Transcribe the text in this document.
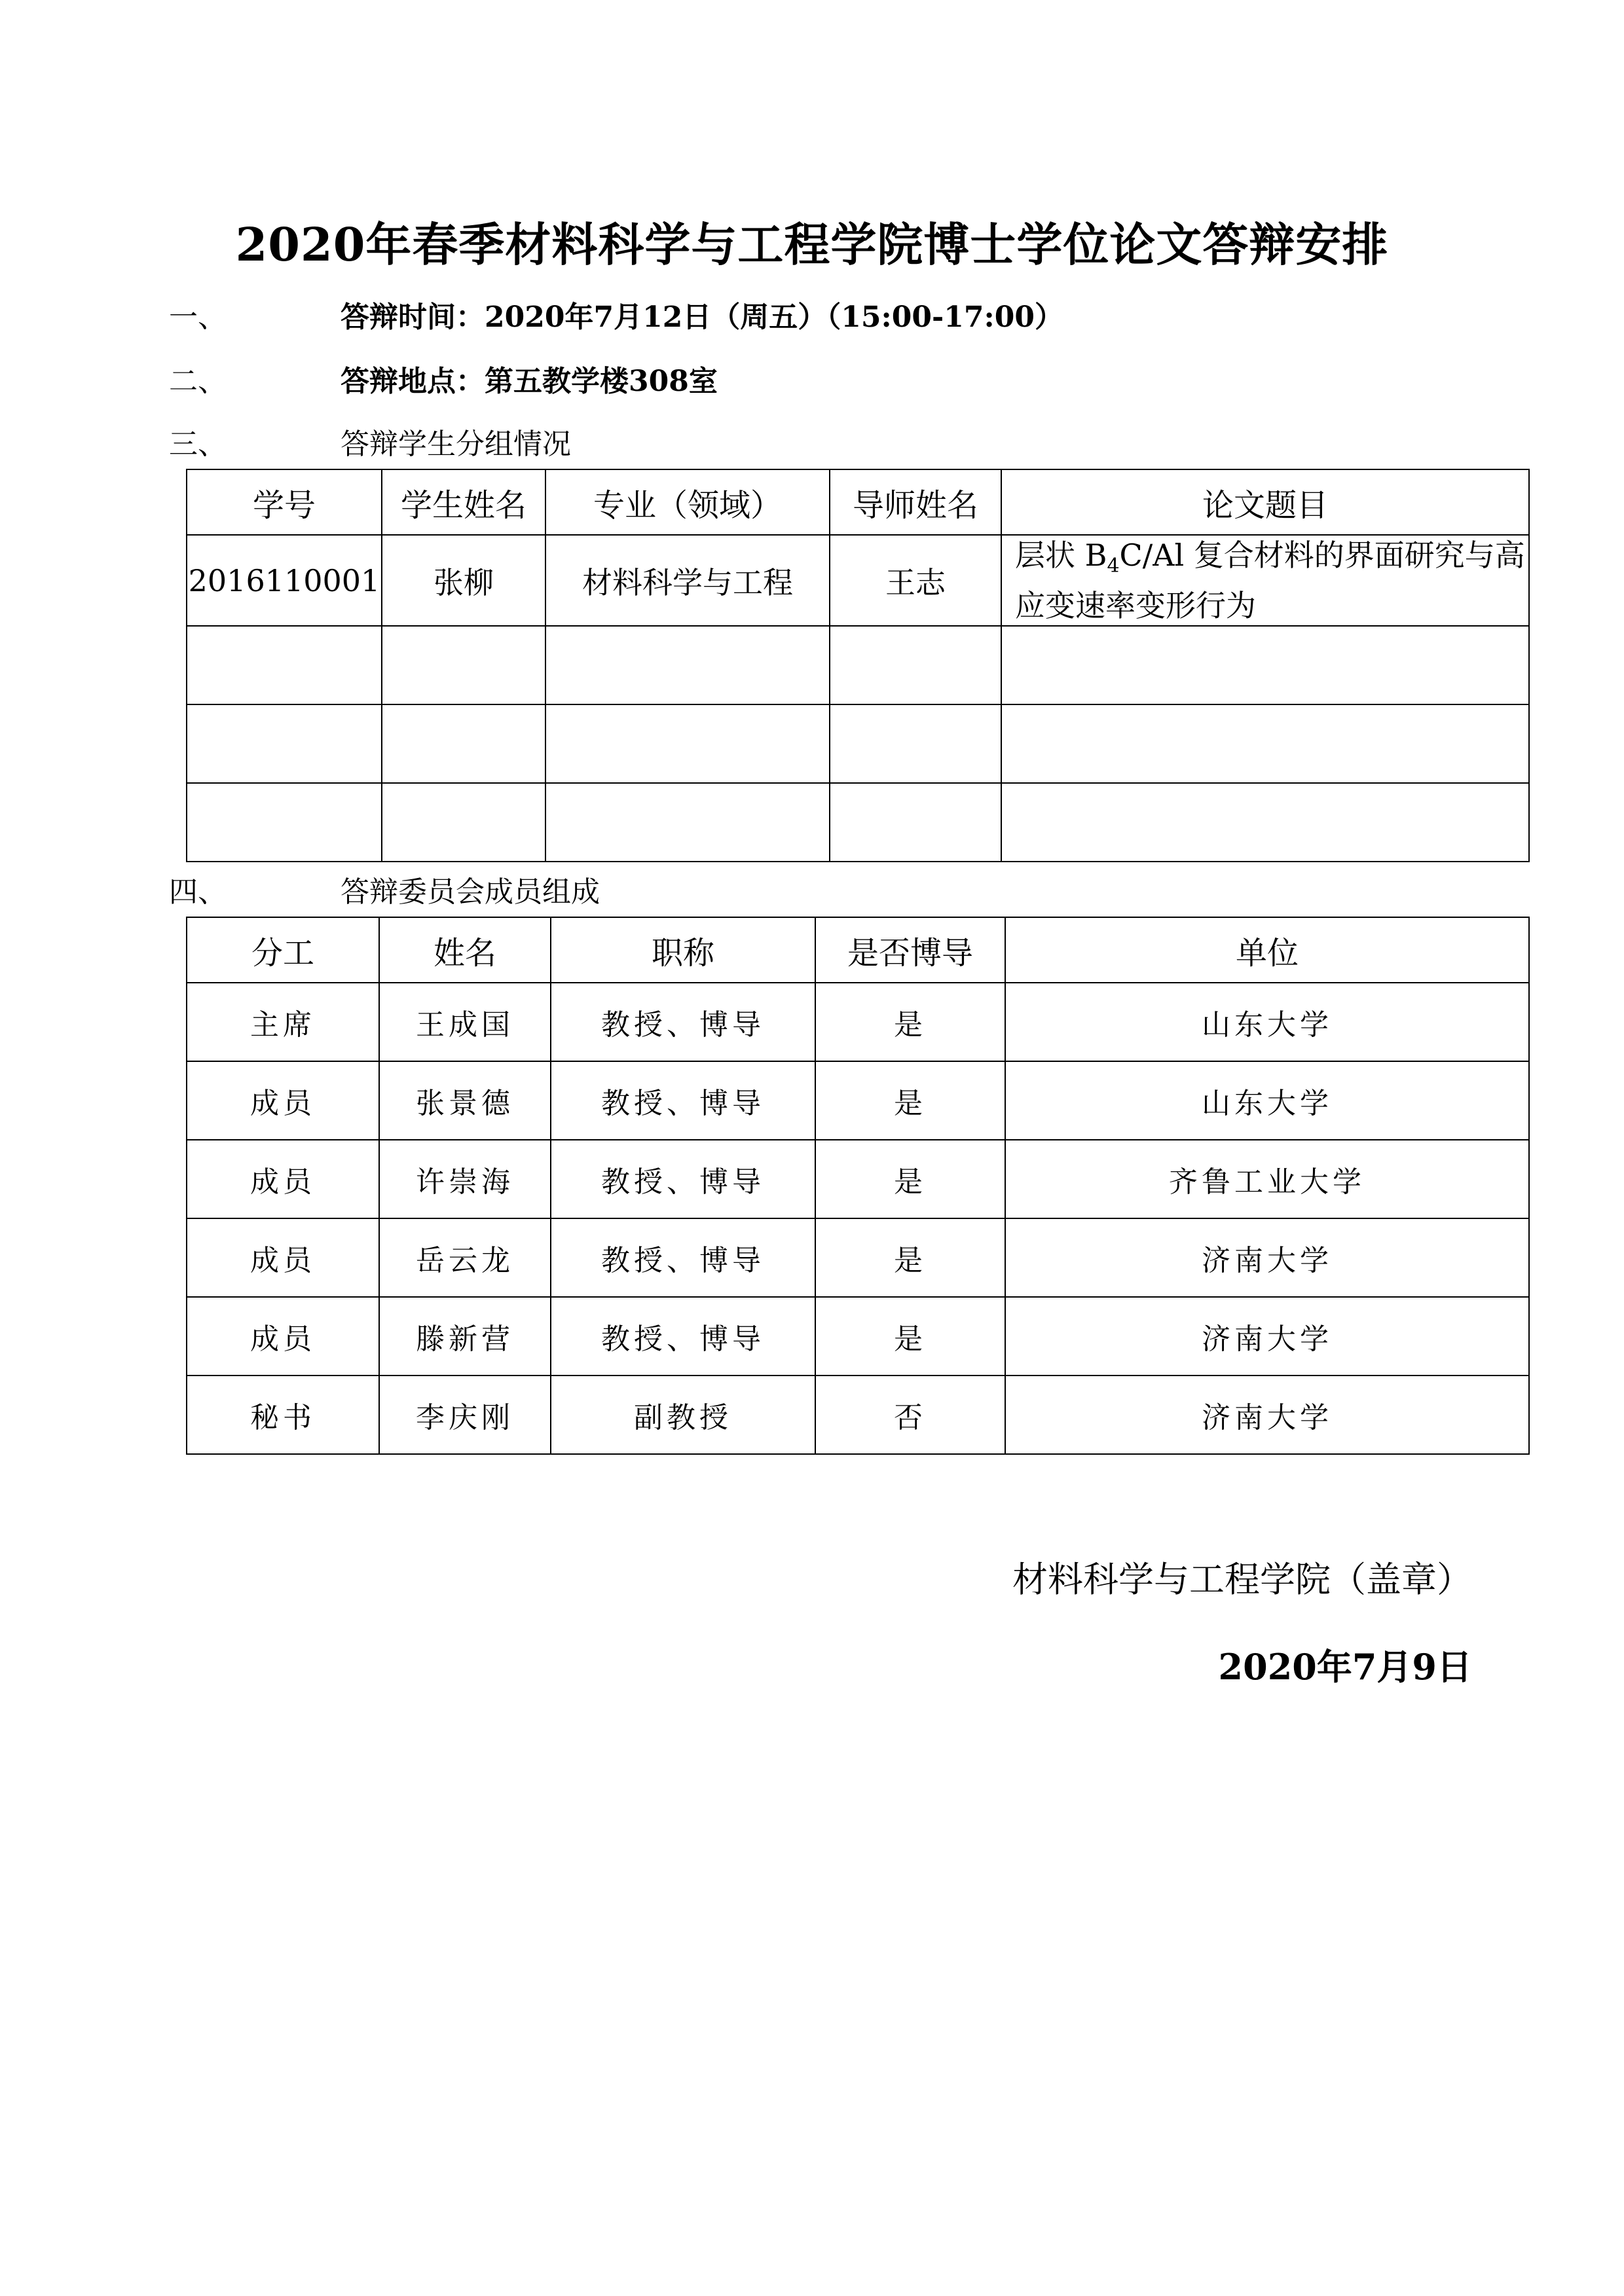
2020年春季材料科学与工程学院博士学位论文答辩安排
一、	答辩时间：2020年7月12日（周五）（15:00-17:00）
二、	答辩地点：第五教学楼308室
三、	答辩学生分组情况
学号	学生姓名	专业（领域）	导师姓名	论文题目
2016110001	张柳	材料科学与工程	王志	层状 $B_4C/Al$ 复合材料的界面研究与高应变速率变形行为

四、	答辩委员会成员组成
分工	姓名	职称	是否博导	单位
主席	王成国	教授、博导	是	山东大学
成员	张景德	教授、博导	是	山东大学
成员	许崇海	教授、博导	是	齐鲁工业大学
成员	岳云龙	教授、博导	是	济南大学
成员	滕新营	教授、博导	是	济南大学
秘书	李庆刚	副教授	否	济南大学
材料科学与工程学院（盖章）
2020年7月9日
